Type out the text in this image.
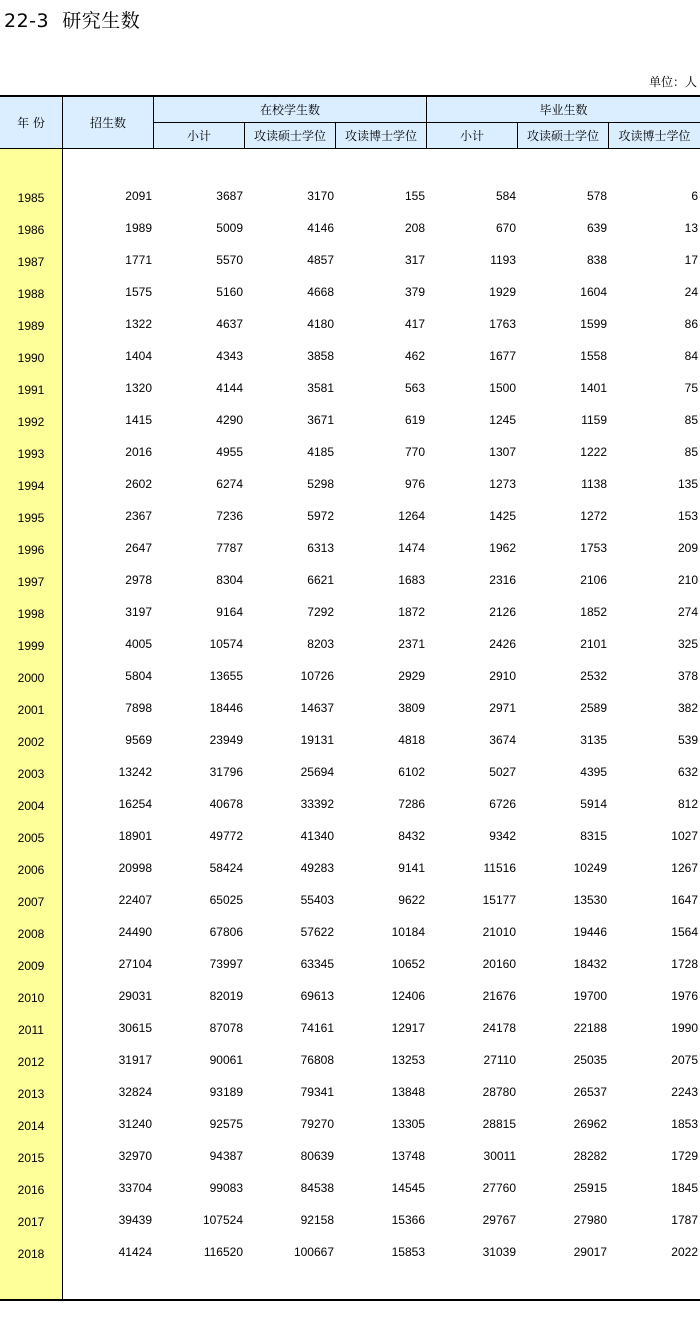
22-3  研究生数
单位：人
年 份	招生数
在校学生数	毕业生数
小计	攻读硕士学位	攻读博士学位	小计	攻读硕士学位	攻读博士学位
1985	2091	3687	3170	155	584	578	6
1986	1989	5009	4146	208	670	639	13
1987	1771	5570	4857	317	1193	838	17
1988	1575	5160	4668	379	1929	1604	24
1989	1322	4637	4180	417	1763	1599	86
1990	1404	4343	3858	462	1677	1558	84
1991	1320	4144	3581	563	1500	1401	75
1992	1415	4290	3671	619	1245	1159	85
1993	2016	4955	4185	770	1307	1222	85
1994	2602	6274	5298	976	1273	1138	135
1995	2367	7236	5972	1264	1425	1272	153
1996	2647	7787	6313	1474	1962	1753	209
1997	2978	8304	6621	1683	2316	2106	210
1998	3197	9164	7292	1872	2126	1852	274
1999	4005	10574	8203	2371	2426	2101	325
2000	5804	13655	10726	2929	2910	2532	378
2001	7898	18446	14637	3809	2971	2589	382
2002	9569	23949	19131	4818	3674	3135	539
2003	13242	31796	25694	6102	5027	4395	632
2004	16254	40678	33392	7286	6726	5914	812
2005	18901	49772	41340	8432	9342	8315	1027
2006	20998	58424	49283	9141	11516	10249	1267
2007	22407	65025	55403	9622	15177	13530	1647
2008	24490	67806	57622	10184	21010	19446	1564
2009	27104	73997	63345	10652	20160	18432	1728
2010	29031	82019	69613	12406	21676	19700	1976
2011	30615	87078	74161	12917	24178	22188	1990
2012	31917	90061	76808	13253	27110	25035	2075
2013	32824	93189	79341	13848	28780	26537	2243
2014	31240	92575	79270	13305	28815	26962	1853
2015	32970	94387	80639	13748	30011	28282	1729
2016	33704	99083	84538	14545	27760	25915	1845
2017	39439	107524	92158	15366	29767	27980	1787
2018	41424	116520	100667	15853	31039	29017	2022
